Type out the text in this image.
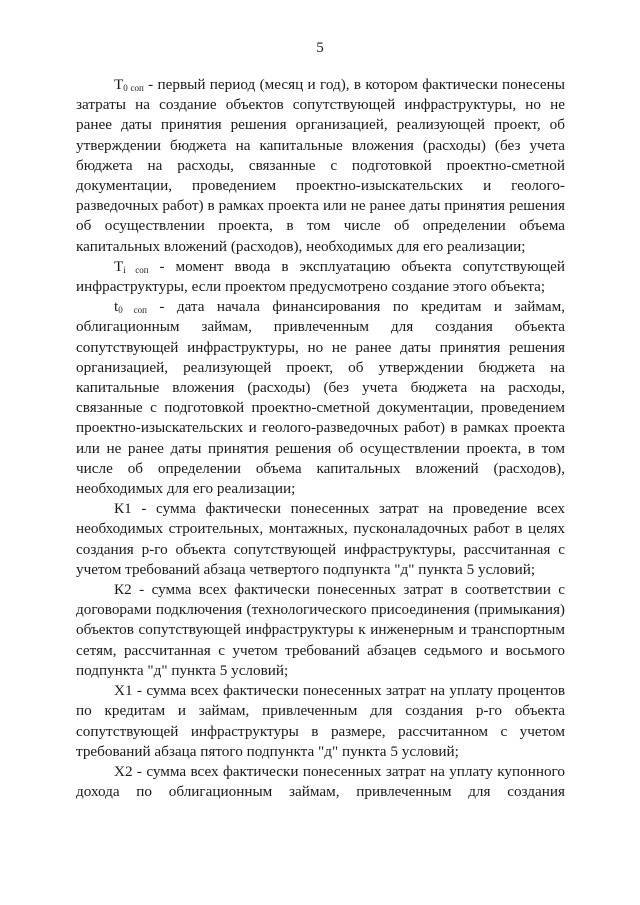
5

$T_{0 соп}$ - первый период (месяц и год), в котором фактически понесены затраты на создание объектов сопутствующей инфраструктуры, но не ранее даты принятия решения организацией, реализующей проект, об утверждении бюджета на капитальные вложения (расходы) (без учета бюджета на расходы, связанные с подготовкой проектно-сметной документации, проведением проектно-изыскательских и геолого-разведочных работ) в рамках проекта или не ранее даты принятия решения об осуществлении проекта, в том числе об определении объема капитальных вложений (расходов), необходимых для его реализации;

$T_{i соп}$ - момент ввода в эксплуатацию объекта сопутствующей инфраструктуры, если проектом предусмотрено создание этого объекта;

$t_{0 соп}$ - дата начала финансирования по кредитам и займам, облигационным займам, привлеченным для создания объекта сопутствующей инфраструктуры, но не ранее даты принятия решения организацией, реализующей проект, об утверждении бюджета на капитальные вложения (расходы) (без учета бюджета на расходы, связанные с подготовкой проектно-сметной документации, проведением проектно-изыскательских и геолого-разведочных работ) в рамках проекта или не ранее даты принятия решения об осуществлении проекта, в том числе об определении объема капитальных вложений (расходов), необходимых для его реализации;

К1 - сумма фактически понесенных затрат на проведение всех необходимых строительных, монтажных, пусконаладочных работ в целях создания р-го объекта сопутствующей инфраструктуры, рассчитанная с учетом требований абзаца четвертого подпункта "д" пункта 5 условий;

К2 - сумма всех фактически понесенных затрат в соответствии с договорами подключения (технологического присоединения (примыкания) объектов сопутствующей инфраструктуры к инженерным и транспортным сетям, рассчитанная с учетом требований абзацев седьмого и восьмого подпункта "д" пункта 5 условий;

Х1 - сумма всех фактически понесенных затрат на уплату процентов по кредитам и займам, привлеченным для создания р-го объекта сопутствующей инфраструктуры в размере, рассчитанном с учетом требований абзаца пятого подпункта "д" пункта 5 условий;

Х2 - сумма всех фактически понесенных затрат на уплату купонного дохода по облигационным займам, привлеченным для создания
